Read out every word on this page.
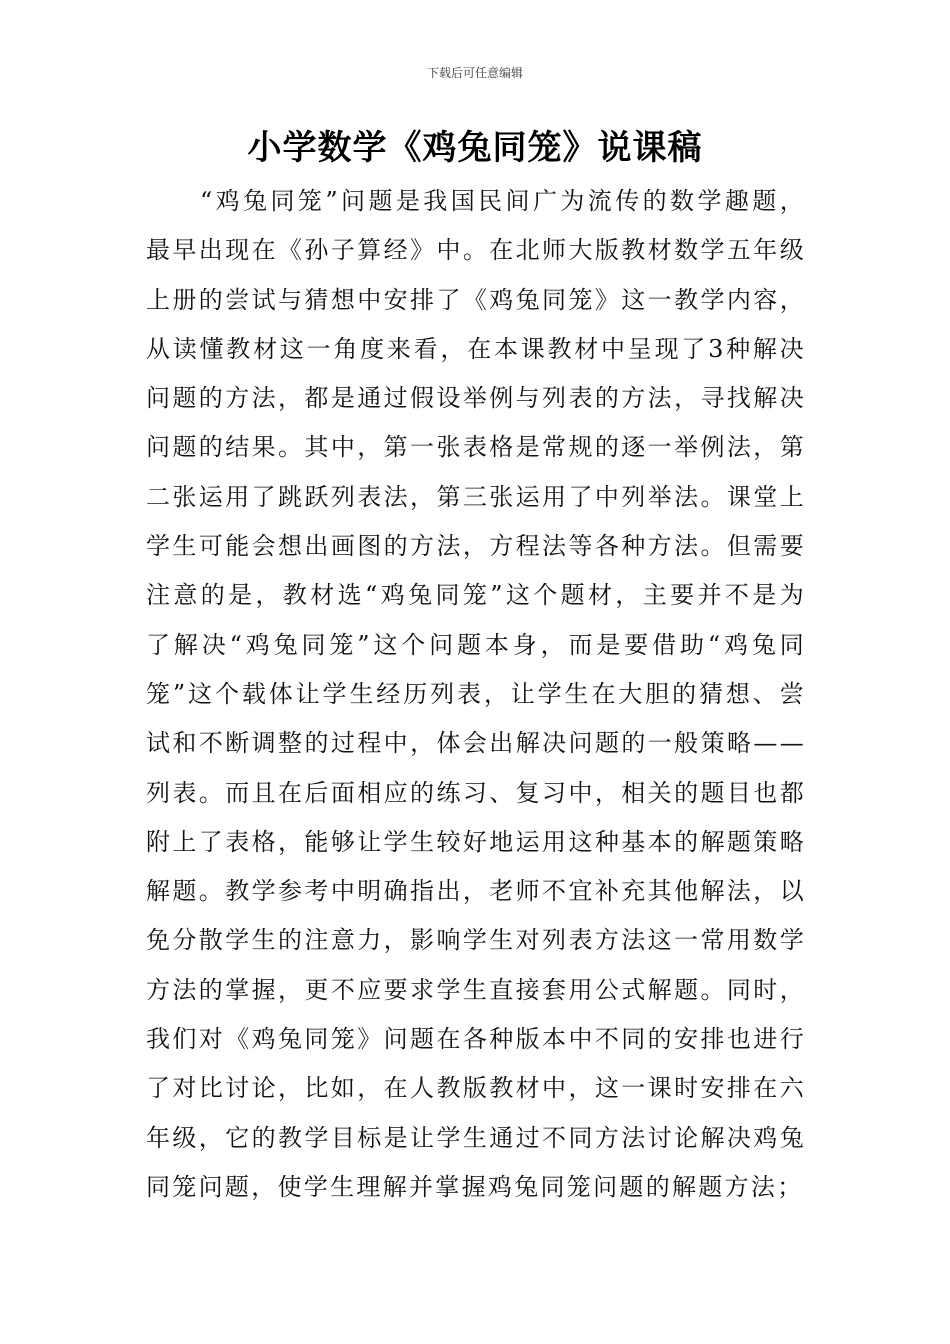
下载后可任意编辑
小学数学《鸡兔同笼》说课稿

“鸡兔同笼”问题是我国民间广为流传的数学趣题，最早出现在《孙子算经》中。在北师大版教材数学五年级上册的尝试与猜想中安排了《鸡兔同笼》这一教学内容，从读懂教材这一角度来看，在本课教材中呈现了3种解决问题的方法，都是通过假设举例与列表的方法，寻找解决问题的结果。其中，第一张表格是常规的逐一举例法，第二张运用了跳跃列表法，第三张运用了中列举法。课堂上学生可能会想出画图的方法，方程法等各种方法。但需要注意的是，教材选“鸡兔同笼”这个题材，主要并不是为了解决“鸡兔同笼”这个问题本身，而是要借助“鸡兔同笼”这个载体让学生经历列表，让学生在大胆的猜想、尝试和不断调整的过程中，体会出解决问题的一般策略——列表。而且在后面相应的练习、复习中，相关的题目也都附上了表格，能够让学生较好地运用这种基本的解题策略解题。教学参考中明确指出，老师不宜补充其他解法，以免分散学生的注意力，影响学生对列表方法这一常用数学方法的掌握，更不应要求学生直接套用公式解题。同时，我们对《鸡兔同笼》问题在各种版本中不同的安排也进行了对比讨论，比如，在人教版教材中，这一课时安排在六年级，它的教学目标是让学生通过不同方法讨论解决鸡兔同笼问题，使学生理解并掌握鸡兔同笼问题的解题方法；
